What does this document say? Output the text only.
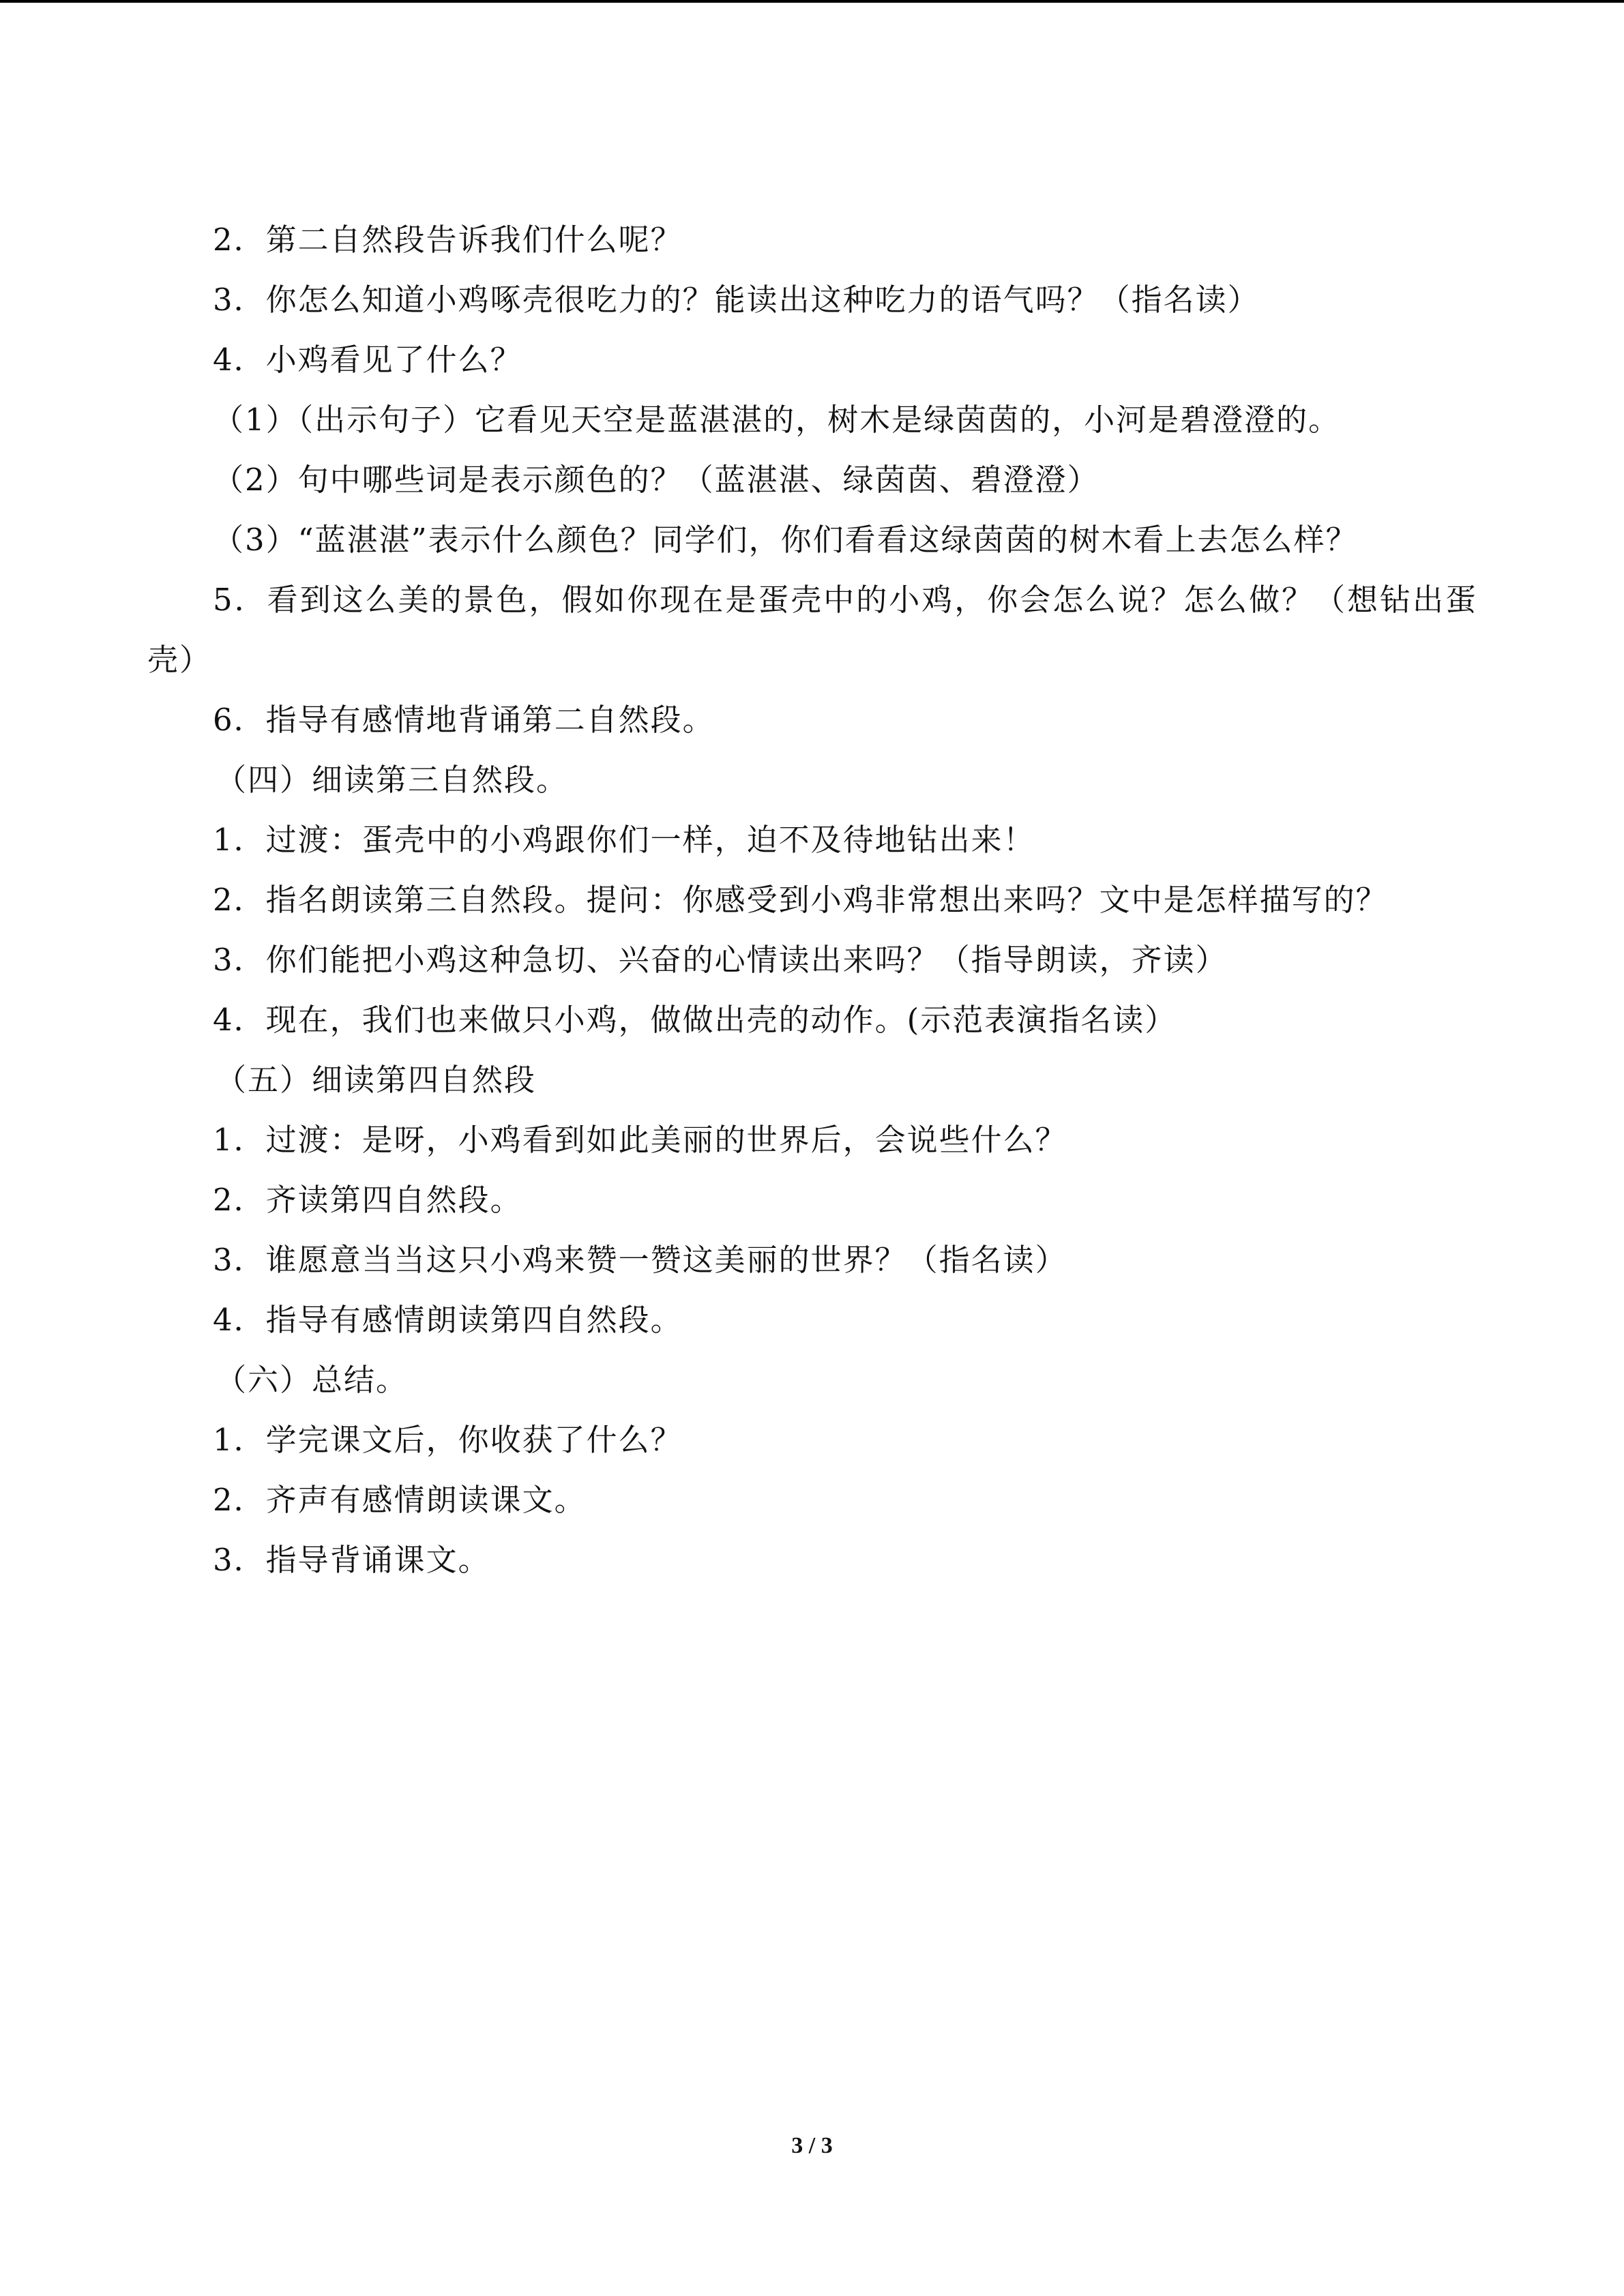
2．第二自然段告诉我们什么呢？
3．你怎么知道小鸡啄壳很吃力的？能读出这种吃力的语气吗？（指名读）
4．小鸡看见了什么？
（1）（出示句子）它看见天空是蓝湛湛的，树木是绿茵茵的，小河是碧澄澄的。
（2）句中哪些词是表示颜色的？（蓝湛湛、绿茵茵、碧澄澄）
（3）“蓝湛湛”表示什么颜色？同学们，你们看看这绿茵茵的树木看上去怎么样？
5．看到这么美的景色，假如你现在是蛋壳中的小鸡，你会怎么说？怎么做？（想钻出蛋壳）
6．指导有感情地背诵第二自然段。
（四）细读第三自然段。
1．过渡：蛋壳中的小鸡跟你们一样，迫不及待地钻出来！
2．指名朗读第三自然段。提问：你感受到小鸡非常想出来吗？文中是怎样描写的？
3．你们能把小鸡这种急切、兴奋的心情读出来吗？（指导朗读，齐读）
4．现在，我们也来做只小鸡，做做出壳的动作。(示范表演指名读）
（五）细读第四自然段
1．过渡：是呀，小鸡看到如此美丽的世界后，会说些什么？
2．齐读第四自然段。
3．谁愿意当当这只小鸡来赞一赞这美丽的世界？（指名读）
4．指导有感情朗读第四自然段。
（六）总结。
1．学完课文后，你收获了什么？
2．齐声有感情朗读课文。
3．指导背诵课文。
3 / 3
